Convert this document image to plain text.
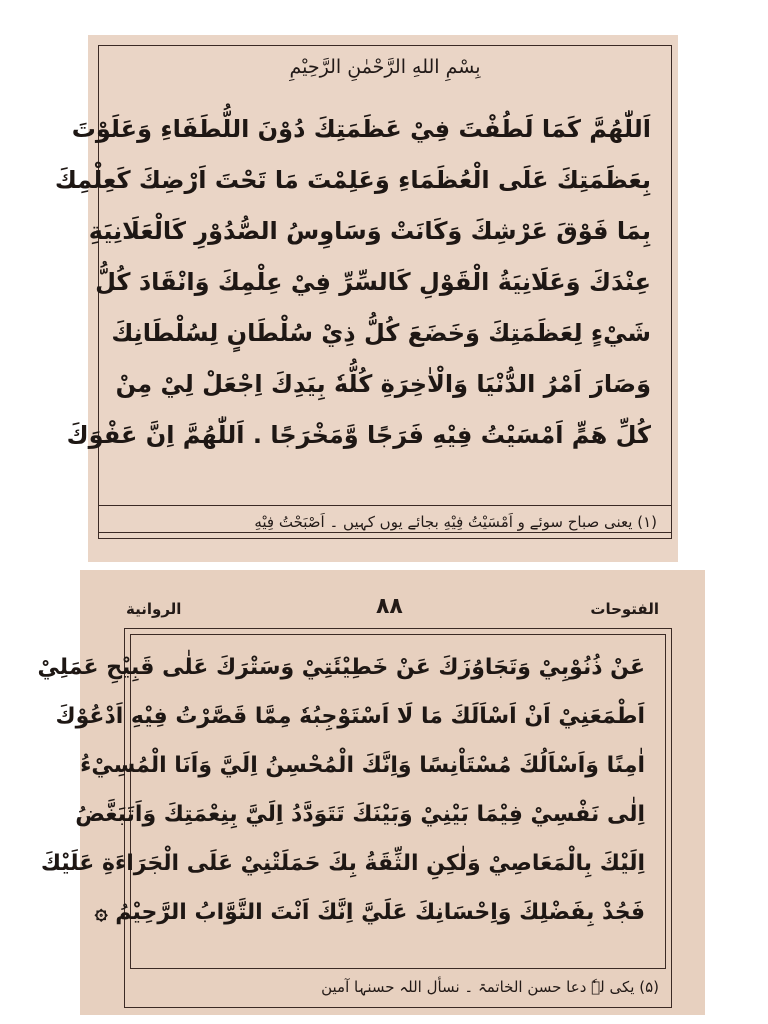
بِسْمِ اللهِ الرَّحْمٰنِ الرَّحِيْمِ
اَللّٰهُمَّ كَمَا لَطُفْتَ فِيْ عَظَمَتِكَ دُوْنَ اللُّطَفَاءِ وَعَلَوْتَ
بِعَظَمَتِكَ عَلَى الْعُظَمَاءِ وَعَلِمْتَ مَا تَحْتَ اَرْضِكَ كَعِلْمِكَ
بِمَا فَوْقَ عَرْشِكَ وَكَانَتْ وَسَاوِسُ الصُّدُوْرِ كَالْعَلَانِيَةِ
عِنْدَكَ وَعَلَانِيَةُ الْقَوْلِ كَالسِّرِّ فِيْ عِلْمِكَ وَانْقَادَ كُلُّ
شَيْءٍ لِعَظَمَتِكَ وَخَضَعَ كُلُّ ذِيْ سُلْطَانٍ لِسُلْطَانِكَ
وَصَارَ اَمْرُ الدُّنْيَا وَالْاٰخِرَةِ كُلُّهٗ بِيَدِكَ اِجْعَلْ لِيْ مِنْ
كُلِّ هَمٍّ اَمْسَيْتُ فِيْهِ فَرَجًا وَّمَخْرَجًا . اَللّٰهُمَّ اِنَّ عَفْوَكَ
(۱) یعنی صباح سوئے و اَمْسَيْتُ فِيْهِ بجائے یوں کہیں ۔ اَصْبَحْتُ فِيْهِ
الروانیة	۸۸	الفتوحات
عَنْ ذُنُوْبِيْ وَتَجَاوُزَكَ عَنْ خَطِيْئَتِيْ وَسَتْرَكَ عَلٰى قَبِيْحِ عَمَلِيْ
اَطْمَعَنِيْ اَنْ اَسْاَلَكَ مَا لَا اَسْتَوْجِبُهٗ مِمَّا قَصَّرْتُ فِيْهِ اَدْعُوْكَ
اٰمِنًا وَاَسْاَلُكَ مُسْتَاْنِسًا وَاِنَّكَ الْمُحْسِنُ اِلَيَّ وَاَنَا الْمُسِيْءُ
اِلٰى نَفْسِيْ فِيْمَا بَيْنِيْ وَبَيْنَكَ تَتَوَدَّدُ اِلَيَّ بِنِعْمَتِكَ وَاَتَبَغَّضُ
اِلَيْكَ بِالْمَعَاصِيْ وَلٰكِنِ الثِّقَةُ بِكَ حَمَلَتْنِيْ عَلَى الْجَرَاءَةِ عَلَيْكَ
فَجُدْ بِفَضْلِكَ وَاِحْسَانِكَ عَلَيَّ اِنَّكَ اَنْتَ التَّوَّابُ الرَّحِيْمُ ۞
(۵) یکی لہٗ دعا حسن الخاتمۃ ۔ نسأل اللہ حسنہا آمین
